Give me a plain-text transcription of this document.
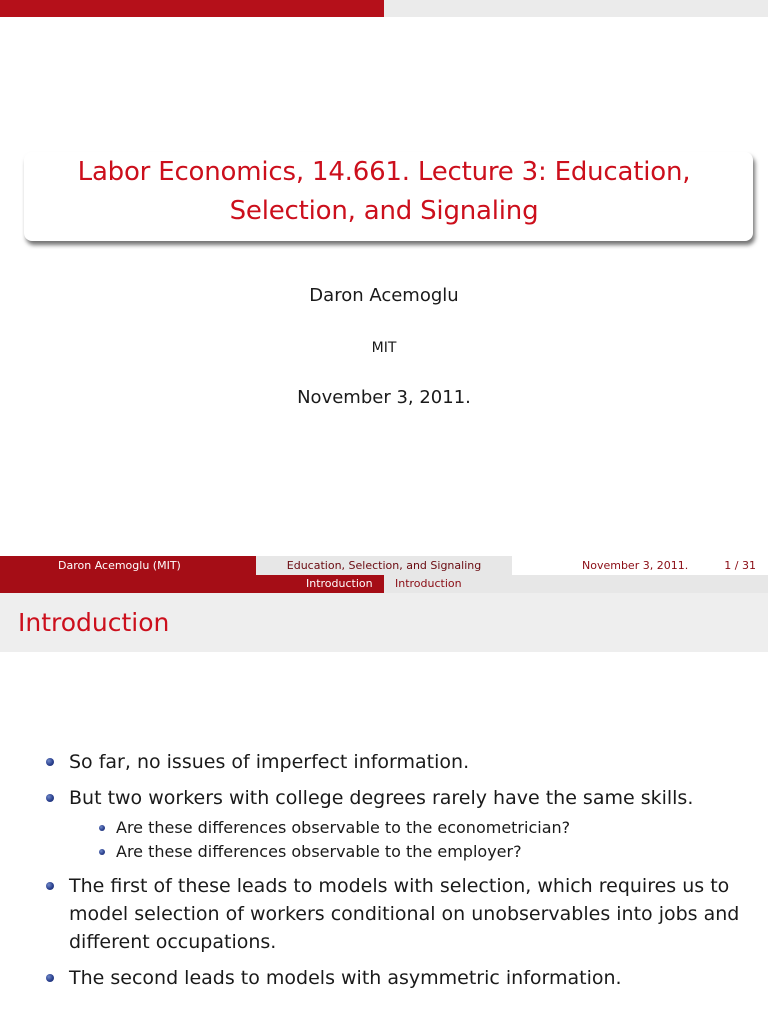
Labor Economics, 14.661. Lecture 3: Education,
Selection, and Signaling
Daron Acemoglu
MIT
November 3, 2011.
Daron Acemoglu (MIT)	Education, Selection, and Signaling	November 3, 2011.	1 / 31
Introduction Introduction
Introduction
So far, no issues of imperfect information.
But two workers with college degrees rarely have the same skills.
Are these differences observable to the econometrician?
Are these differences observable to the employer?
The first of these leads to models with selection, which requires us to model selection of workers conditional on unobservables into jobs and different occupations.
The second leads to models with asymmetric information.
